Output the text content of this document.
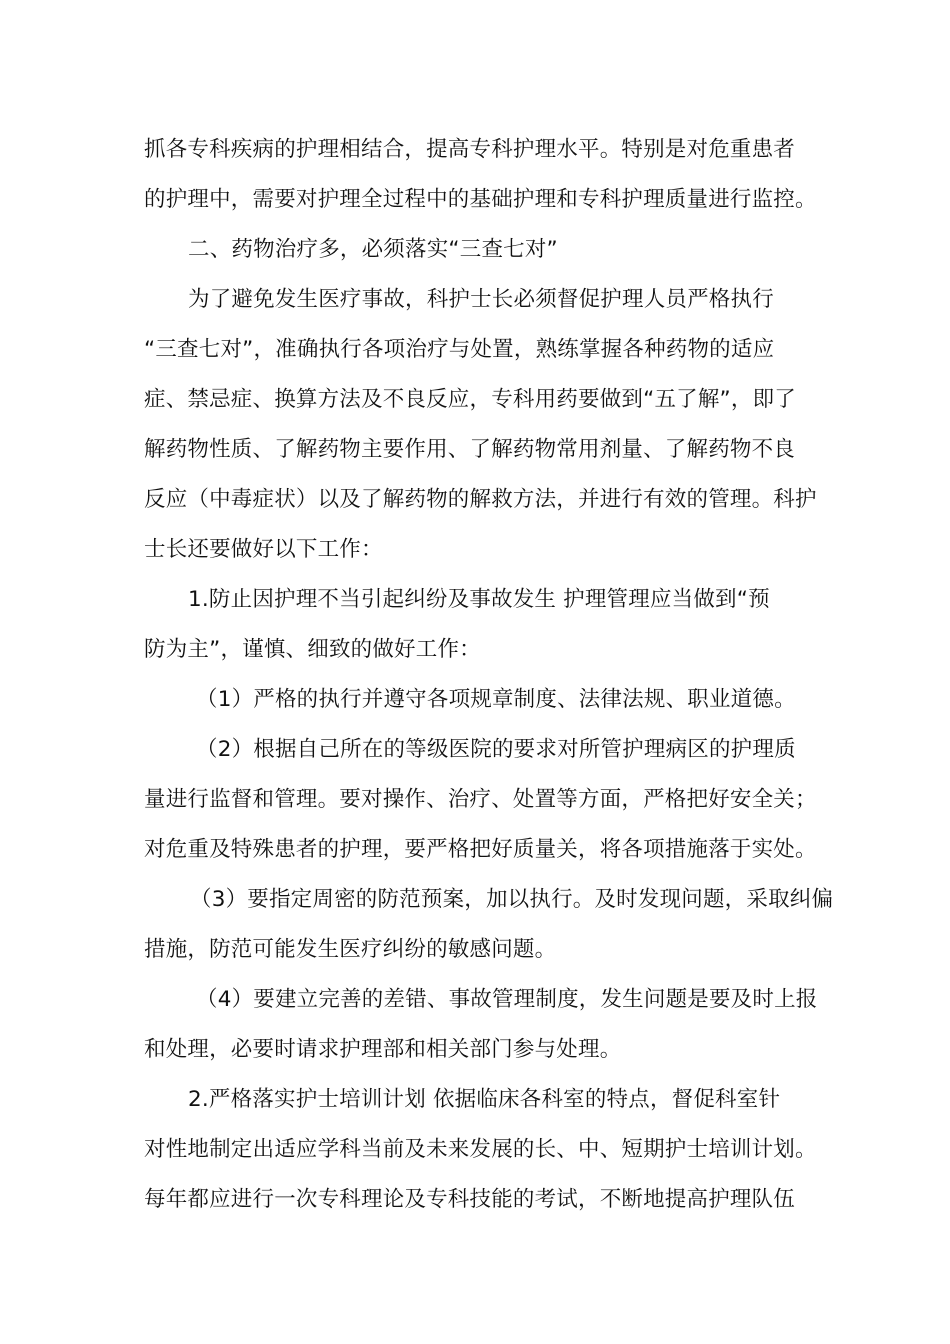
抓各专科疾病的护理相结合，提高专科护理水平。特别是对危重患者
的护理中，需要对护理全过程中的基础护理和专科护理质量进行监控。
二、药物治疗多，必须落实“三查七对”
为了避免发生医疗事故，科护士长必须督促护理人员严格执行
“三查七对”，准确执行各项治疗与处置，熟练掌握各种药物的适应
症、禁忌症、换算方法及不良反应，专科用药要做到“五了解”，即了
解药物性质、了解药物主要作用、了解药物常用剂量、了解药物不良
反应（中毒症状）以及了解药物的解救方法，并进行有效的管理。科护
士长还要做好以下工作：
1.防止因护理不当引起纠纷及事故发生 护理管理应当做到“预
防为主”，谨慎、细致的做好工作：
（1）严格的执行并遵守各项规章制度、法律法规、职业道德。
（2）根据自己所在的等级医院的要求对所管护理病区的护理质
量进行监督和管理。要对操作、治疗、处置等方面，严格把好安全关；
对危重及特殊患者的护理，要严格把好质量关，将各项措施落于实处。
（3）要指定周密的防范预案，加以执行。及时发现问题，采取纠偏
措施，防范可能发生医疗纠纷的敏感问题。
（4）要建立完善的差错、事故管理制度，发生问题是要及时上报
和处理，必要时请求护理部和相关部门参与处理。
2.严格落实护士培训计划 依据临床各科室的特点，督促科室针
对性地制定出适应学科当前及未来发展的长、中、短期护士培训计划。
每年都应进行一次专科理论及专科技能的考试，不断地提高护理队伍
